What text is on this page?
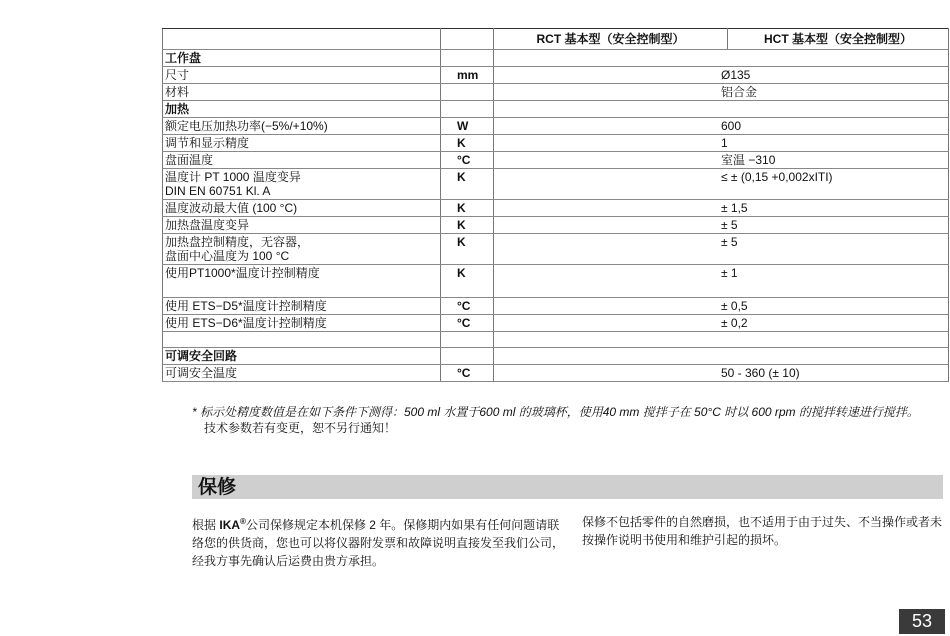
		RCT 基本型（安全控制型）	HCT 基本型（安全控制型）
工作盘			
尺寸	mm	Ø135	
材料		铝合金	
加热			
额定电压加热功率(−5%/+10%)	W	600	
调节和显示精度	K	1	
盘面温度	°C	室温 −310	

温度计 PT 1000 温度变异
DIN EN 60751 Kl. A	K	≤ ± (0,15 +0,002xITI)	
温度波动最大值 (100 °C)	K	± 1,5	
加热盘温度变异	K	± 5	

加热盘控制精度，无容器，
盘面中心温度为 100 °C	K	± 5	
使用PT1000*温度计控制精度	K	± 1	
使用 ETS−D5*温度计控制精度	°C	± 0,5	
使用 ETS−D6*温度计控制精度	°C	± 0,2	

可调安全回路			
可调安全温度	°C	50 - 360 (± 10)	
* 标示处精度数值是在如下条件下测得：500 ml 水置于600 ml 的玻璃杯，使用40 mm 搅拌子在 50°C 时以 600 rpm 的搅拌转速进行搅拌。
技术参数若有变更，恕不另行通知！
保修
根据 IKA®公司保修规定本机保修 2 年。保修期内如果有任何问题请联络您的供货商，您也可以将仪器附发票和故障说明直接发至我们公司，经我方事先确认后运费由贵方承担。
保修不包括零件的自然磨损，也不适用于由于过失、不当操作或者未按操作说明书使用和维护引起的损坏。
53
